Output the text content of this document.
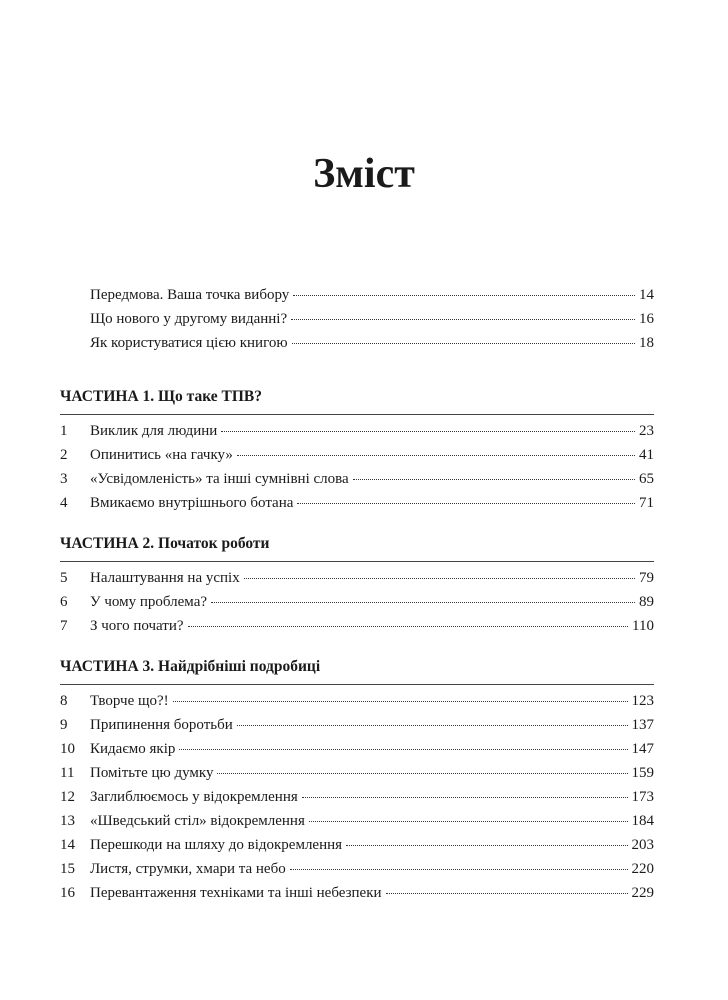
Зміст
Передмова. Ваша точка вибору	14
Що нового у другому виданні?	16
Як користуватися цією книгою	18
ЧАСТИНА 1. Що таке ТПВ?
1	Виклик для людини	23
2	Опинитись «на гачку»	41
3	«Усвідомленість» та інші сумнівні слова	65
4	Вмикаємо внутрішнього ботана	71
ЧАСТИНА 2. Початок роботи
5	Налаштування на успіх	79
6	У чому проблема?	89
7	З чого почати?	110
ЧАСТИНА 3. Найдрібніші подробиці
8	Творче що?!	123
9	Припинення боротьби	137
10	Кидаємо якір	147
11	Помітьте цю думку	159
12	Заглиблюємось у відокремлення	173
13	«Шведський стіл» відокремлення	184
14	Перешкоди на шляху до відокремлення	203
15	Листя, струмки, хмари та небо	220
16	Перевантаження техніками та інші небезпеки	229
